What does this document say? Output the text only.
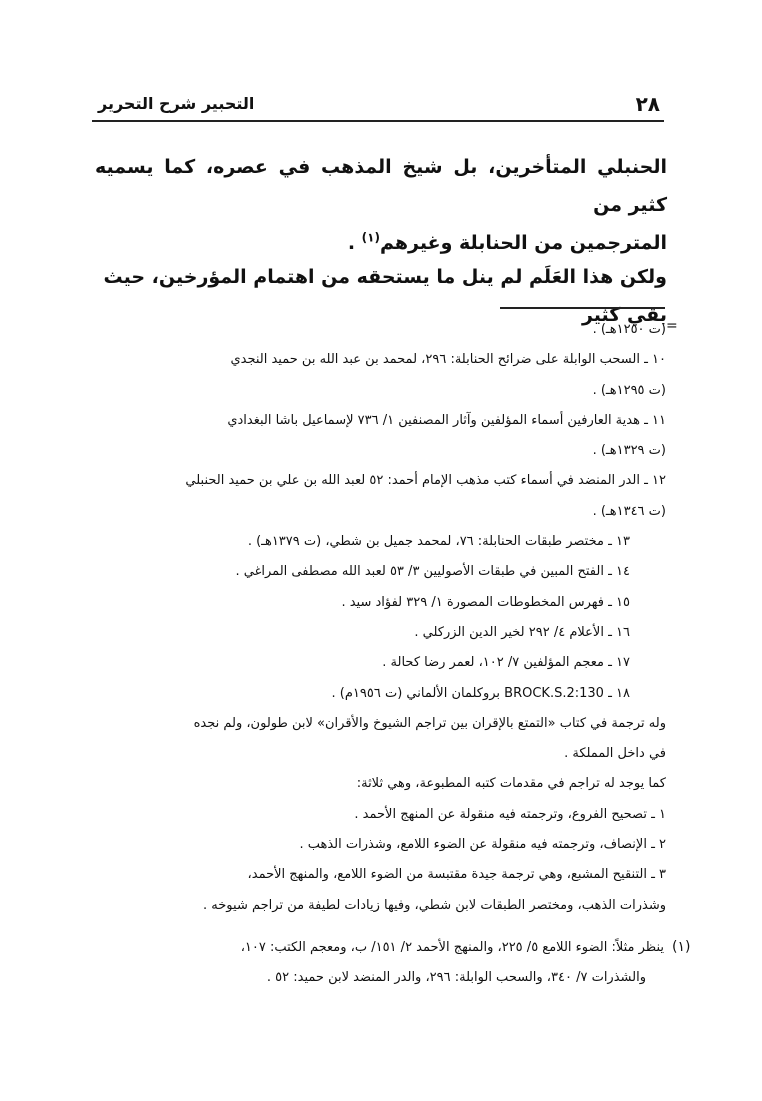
٢٨
التحبير شرح التحرير
الحنبلي المتأخرين، بل شيخ المذهب في عصره، كما يسميه كثير من
المترجمين من الحنابلة وغيرهم$^{(١)}$ .
ولكن هذا العَلَم لم ينل ما يستحقه من اهتمام المؤرخين، حيث بقي كثير =
(ت ١٢٥٠هـ) .
١٠ ـ السحب الوابلة على ضرائح الحنابلة: ٢٩٦، لمحمد بن عبد الله بن حميد النجدي
(ت ١٢٩٥هـ) .
١١ ـ هدية العارفين أسماء المؤلفين وآثار المصنفين ١/ ٧٣٦ لإسماعيل باشا البغدادي
(ت ١٣٢٩هـ) .
١٢ ـ الدر المنضد في أسماء كتب مذهب الإمام أحمد: ٥٢ لعبد الله بن علي بن حميد الحنبلي
(ت ١٣٤٦هـ) .
١٣ ـ مختصر طبقات الحنابلة: ٧٦، لمحمد جميل بن شطي، (ت ١٣٧٩هـ) .
١٤ ـ الفتح المبين في طبقات الأصوليين ٣/ ٥٣ لعبد الله مصطفى المراغي .
١٥ ـ فهرس المخطوطات المصورة ١/ ٣٢٩ لفؤاد سيد .
١٦ ـ الأعلام ٤/ ٢٩٢ لخير الدين الزركلي .
١٧ ـ معجم المؤلفين ٧/ ١٠٢، لعمر رضا كحالة .
١٨ ـ BROCK.S.2:130 بروكلمان الألماني (ت ١٩٥٦م) .
وله ترجمة في كتاب «التمتع بالإقران بين تراجم الشيوخ والأقران» لابن طولون، ولم نجده
في داخل المملكة .
كما يوجد له تراجم في مقدمات كتبه المطبوعة، وهي ثلاثة:
١ ـ تصحيح الفروع، وترجمته فيه منقولة عن المنهج الأحمد .
٢ ـ الإنصاف، وترجمته فيه منقولة عن الضوء اللامع، وشذرات الذهب .
٣ ـ التنقيح المشبع، وهي ترجمة جيدة مقتبسة من الضوء اللامع، والمنهج الأحمد،
وشذرات الذهب، ومختصر الطبقات لابن شطي، وفيها زيادات لطيفة من تراجم شيوخه .
(١)
ينظر مثلاً: الضوء اللامع ٥/ ٢٢٥، والمنهج الأحمد ٢/ ١٥١/ ب، ومعجم الكتب: ١٠٧،
والشذرات ٧/ ٣٤٠، والسحب الوابلة: ٢٩٦، والدر المنضد لابن حميد: ٥٢ .
